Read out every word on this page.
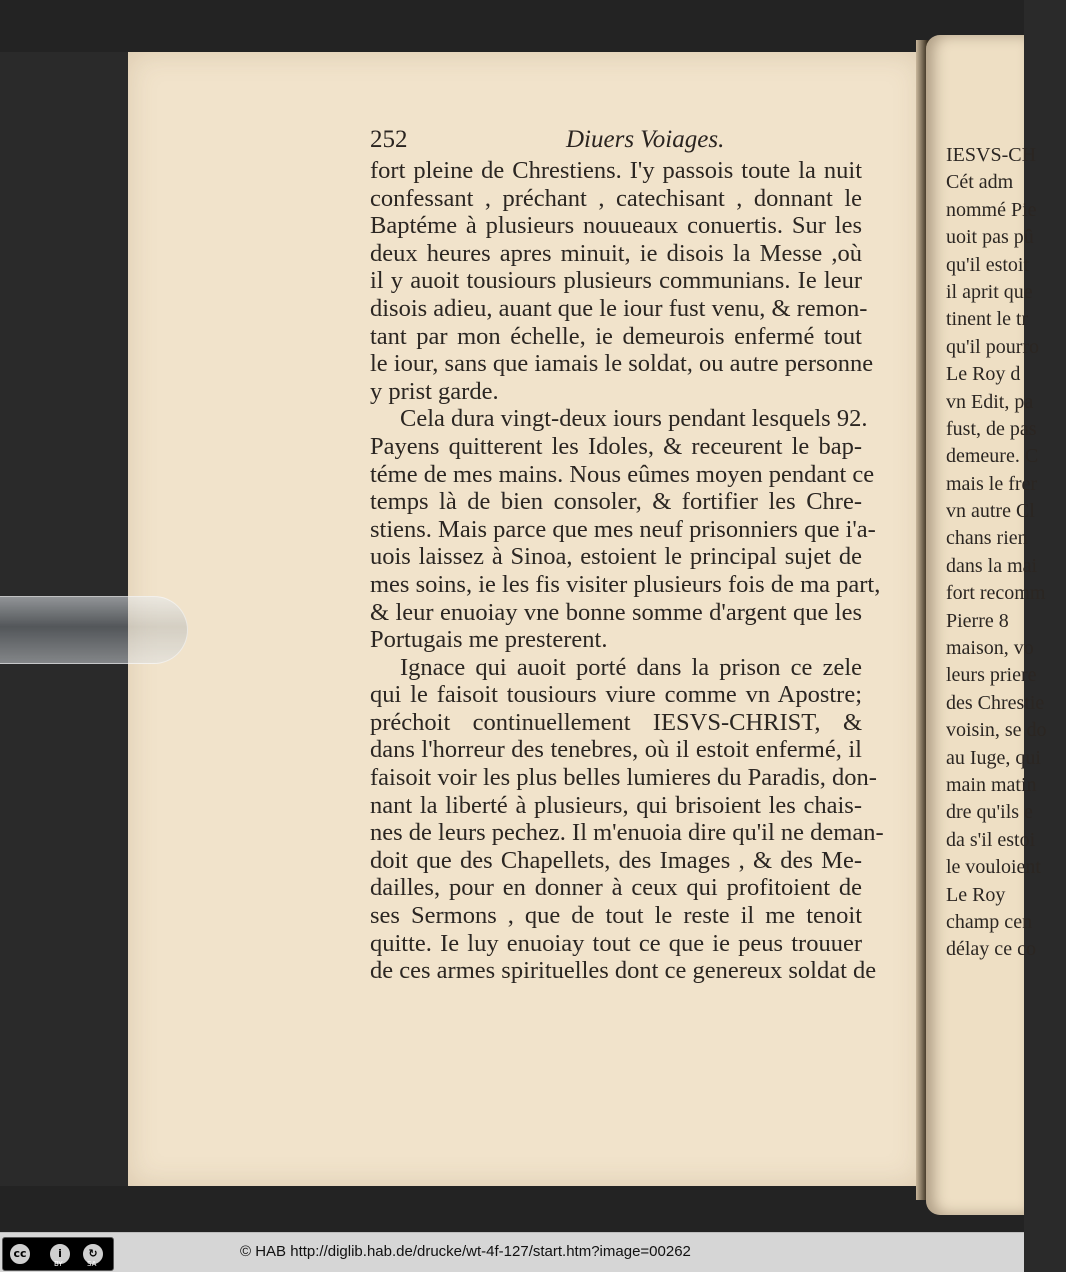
252	Diuers Voiages.
fort pleine de Chrestiens. I'y passois toute la nuit
confessant , préchant , catechisant , donnant le
Baptéme à plusieurs nouueaux conuertis. Sur les
deux heures apres minuit, ie disois la Messe ,où
il y auoit tousiours plusieurs communians. Ie leur
disois adieu, auant que le iour fust venu, & remon-
tant par mon échelle, ie demeurois enfermé tout
le iour, sans que iamais le soldat, ou autre personne
y prist garde.
Cela dura vingt-deux iours pendant lesquels 92.
Payens quitterent les Idoles, & receurent le bap-
téme de mes mains. Nous eûmes moyen pendant ce
temps là de bien consoler, & fortifier les Chre-
stiens. Mais parce que mes neuf prisonniers que i'a-
uois laissez à Sinoa, estoient le principal sujet de
mes soins, ie les fis visiter plusieurs fois de ma part,
& leur enuoiay vne bonne somme d'argent que les
Portugais me presterent.
Ignace qui auoit porté dans la prison ce zele
qui le faisoit tousiours viure comme vn Apostre;
préchoit continuellement IESVS-CHRIST, &
dans l'horreur des tenebres, où il estoit enfermé, il
faisoit voir les plus belles lumieres du Paradis, don-
nant la liberté à plusieurs, qui brisoient les chais-
nes de leurs pechez. Il m'enuoia dire qu'il ne deman-
doit que des Chapellets, des Images , & des Me-
dailles, pour en donner à ceux qui profitoient de
ses Sermons , que de tout le reste il me tenoit
quitte. Ie luy enuoiay tout ce que ie peus trouuer
de ces armes spirituelles dont ce genereux soldat de
IESVS-CH
Cét adm
nommé Pie
uoit pas pû
qu'il estoit
il aprit que
tinent le tr
qu'il pourro
Le Roy d
vn Edit, pa
fust, de pas
demeure. C
mais le frer
vn autre Cl
chans rien
dans la mai
fort recomm
Pierre 8
maison, vo
leurs priere
des Chrestie
voisin, se do
au Iuge, qui
main matin
dre qu'ils e
da s'il estoi
le vouloient
Le Roy
champ cen
délay ce co
cc	i	↻
BY	SA
© HAB http://diglib.hab.de/drucke/wt-4f-127/start.htm?image=00262
